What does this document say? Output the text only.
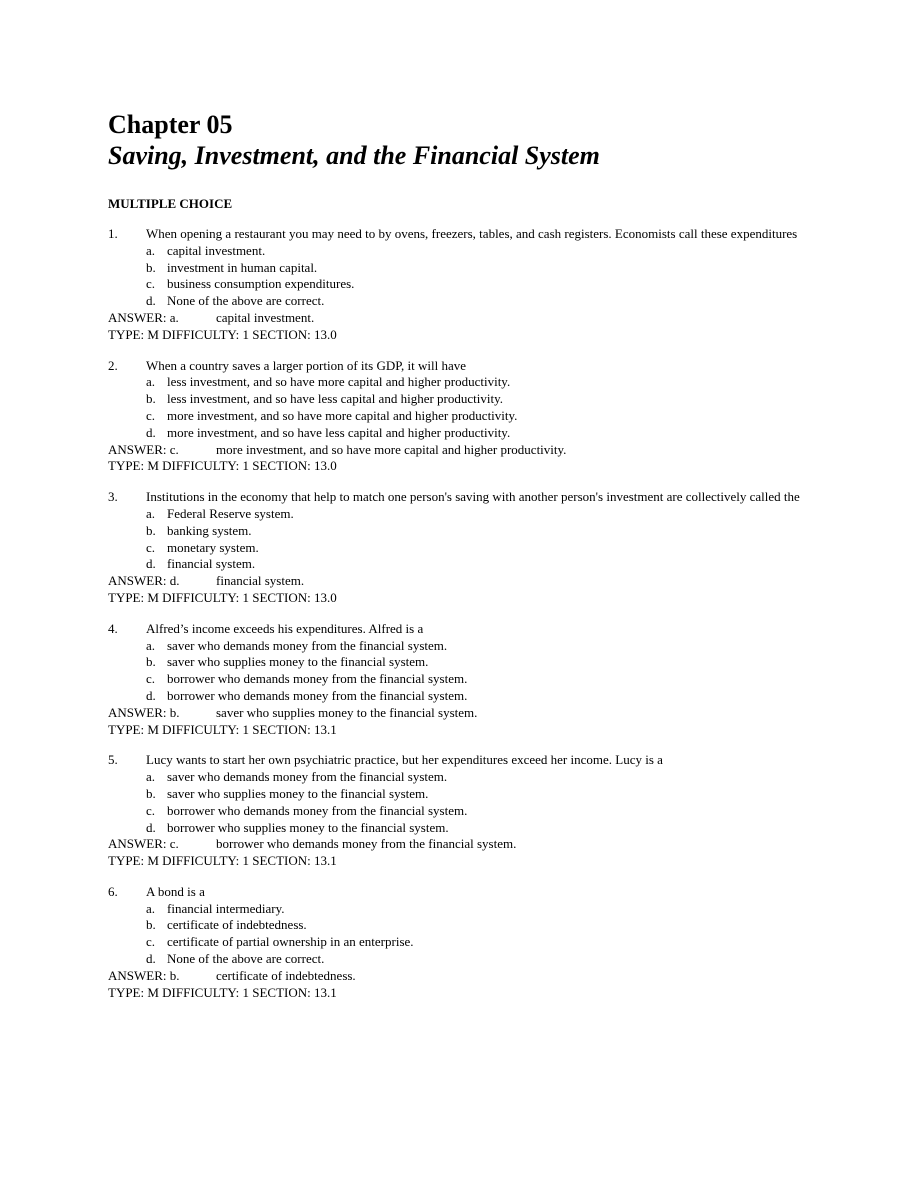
Chapter 05
Saving, Investment, and the Financial System
MULTIPLE CHOICE
1. When opening a restaurant you may need to by ovens, freezers, tables, and cash registers. Economists call these expenditures
a. capital investment.
b. investment in human capital.
c. business consumption expenditures.
d. None of the above are correct.
ANSWER: a.	capital investment.
TYPE: M DIFFICULTY: 1 SECTION: 13.0
2. When a country saves a larger portion of its GDP, it will have
a. less investment, and so have more capital and higher productivity.
b. less investment, and so have less capital and higher productivity.
c. more investment, and so have more capital and higher productivity.
d. more investment, and so have less capital and higher productivity.
ANSWER: c.	more investment, and so have more capital and higher productivity.
TYPE: M DIFFICULTY: 1 SECTION: 13.0
3. Institutions in the economy that help to match one person's saving with another person's investment are collectively called the
a. Federal Reserve system.
b. banking system.
c. monetary system.
d. financial system.
ANSWER: d.	financial system.
TYPE: M DIFFICULTY: 1 SECTION: 13.0
4. Alfred’s income exceeds his expenditures. Alfred is a
a. saver who demands money from the financial system.
b. saver who supplies money to the financial system.
c. borrower who demands money from the financial system.
d. borrower who demands money from the financial system.
ANSWER: b.	saver who supplies money to the financial system.
TYPE: M DIFFICULTY: 1 SECTION: 13.1
5. Lucy wants to start her own psychiatric practice, but her expenditures exceed her income. Lucy is a
a. saver who demands money from the financial system.
b. saver who supplies money to the financial system.
c. borrower who demands money from the financial system.
d. borrower who supplies money to the financial system.
ANSWER: c.	borrower who demands money from the financial system.
TYPE: M DIFFICULTY: 1 SECTION: 13.1
6. A bond is a
a. financial intermediary.
b. certificate of indebtedness.
c. certificate of partial ownership in an enterprise.
d. None of the above are correct.
ANSWER: b.	certificate of indebtedness.
TYPE: M DIFFICULTY: 1 SECTION: 13.1
